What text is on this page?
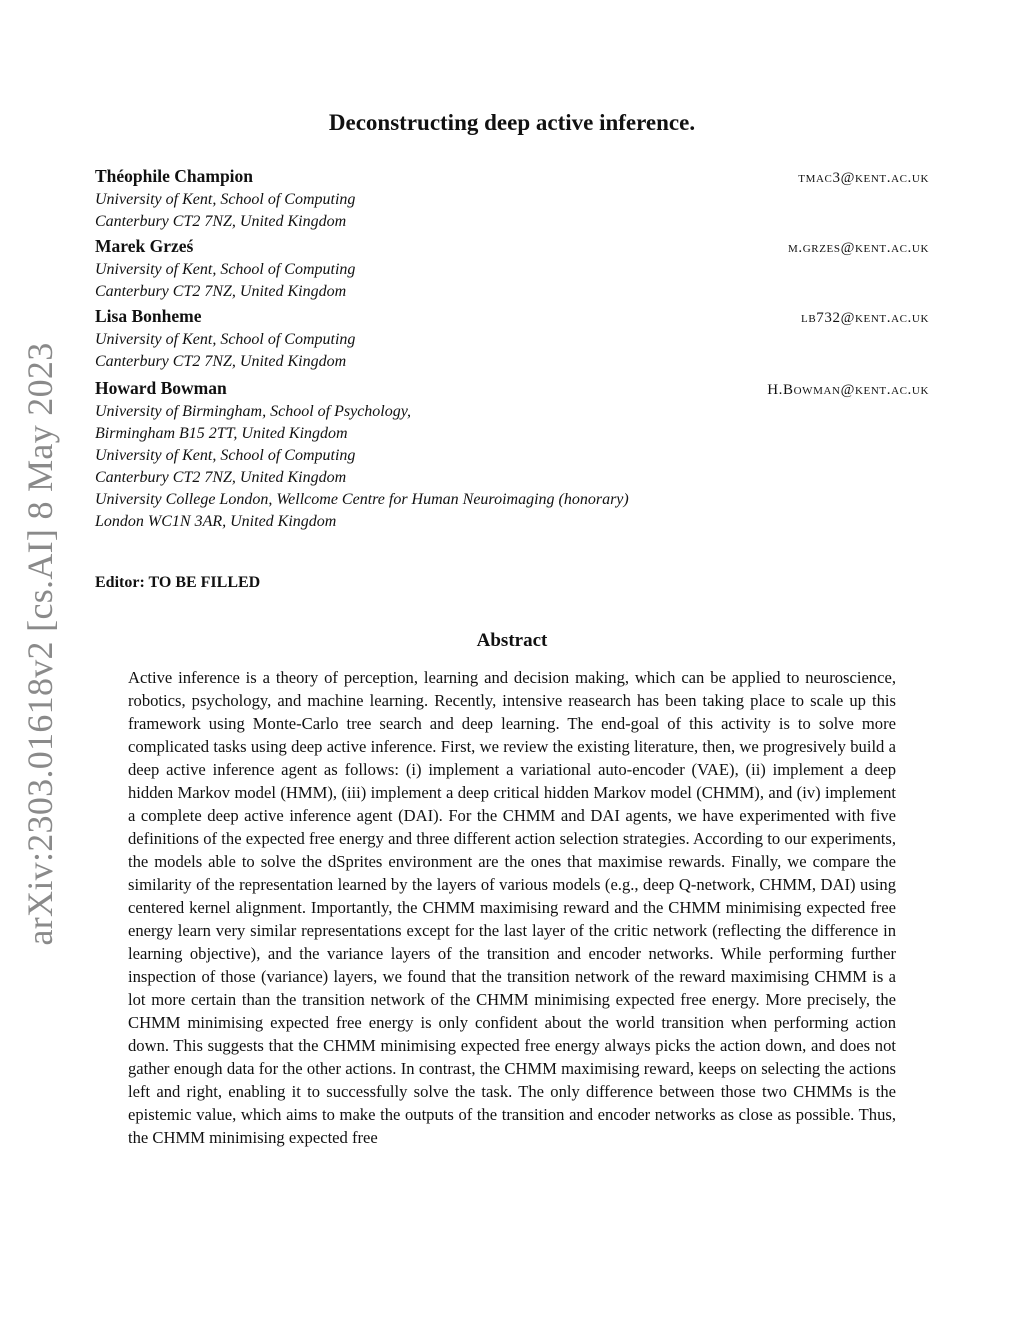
arXiv:2303.01618v2 [cs.AI] 8 May 2023
Deconstructing deep active inference.
Théophile Champion	tmac3@kent.ac.uk
University of Kent, School of Computing
Canterbury CT2 7NZ, United Kingdom
Marek Grześ	m.grzes@kent.ac.uk
University of Kent, School of Computing
Canterbury CT2 7NZ, United Kingdom
Lisa Bonheme	lb732@kent.ac.uk
University of Kent, School of Computing
Canterbury CT2 7NZ, United Kingdom
Howard Bowman	H.Bowman@kent.ac.uk
University of Birmingham, School of Psychology,
Birmingham B15 2TT, United Kingdom
University of Kent, School of Computing
Canterbury CT2 7NZ, United Kingdom
University College London, Wellcome Centre for Human Neuroimaging (honorary)
London WC1N 3AR, United Kingdom
Editor: TO BE FILLED
Abstract
Active inference is a theory of perception, learning and decision making, which can be applied to neuroscience, robotics, psychology, and machine learning. Recently, intensive reasearch has been taking place to scale up this framework using Monte-Carlo tree search and deep learning. The end-goal of this activity is to solve more complicated tasks using deep active inference. First, we review the existing literature, then, we progresively build a deep active inference agent as follows: (i) implement a variational auto-encoder (VAE), (ii) implement a deep hidden Markov model (HMM), (iii) implement a deep critical hidden Markov model (CHMM), and (iv) implement a complete deep active inference agent (DAI). For the CHMM and DAI agents, we have experimented with five definitions of the expected free energy and three different action selection strategies. According to our experiments, the models able to solve the dSprites environment are the ones that maximise rewards. Finally, we compare the similarity of the representation learned by the layers of various models (e.g., deep Q-network, CHMM, DAI) using centered kernel alignment. Importantly, the CHMM maximising reward and the CHMM minimising expected free energy learn very similar representations except for the last layer of the critic network (reflecting the difference in learning objective), and the variance layers of the transition and encoder networks. While performing further inspection of those (variance) layers, we found that the transition network of the reward maximising CHMM is a lot more certain than the transition network of the CHMM minimising expected free energy. More precisely, the CHMM minimising expected free energy is only confident about the world transition when performing action down. This suggests that the CHMM minimising expected free energy always picks the action down, and does not gather enough data for the other actions. In contrast, the CHMM maximising reward, keeps on selecting the actions left and right, enabling it to successfully solve the task. The only difference between those two CHMMs is the epistemic value, which aims to make the outputs of the transition and encoder networks as close as possible. Thus, the CHMM minimising expected free
